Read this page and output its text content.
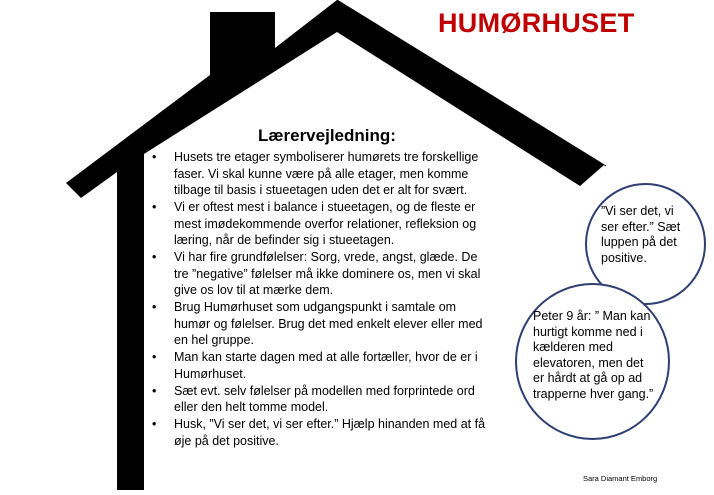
HUMØRHUSET
Lærervejledning:
• Husets tre etager symboliserer humørets tre forskellige faser. Vi skal kunne være på alle etager, men komme tilbage til basis i stueetagen uden det er alt for svært.
• Vi er oftest mest i balance i stueetagen, og de fleste er mest imødekommende overfor relationer, refleksion og læring, når de befinder sig i stueetagen.
• Vi har fire grundfølelser: Sorg, vrede, angst, glæde. De tre ”negative” følelser må ikke dominere os, men vi skal give os lov til at mærke dem.
• Brug Humørhuset som udgangspunkt i samtale om humør og følelser. Brug det med enkelt elever eller med en hel gruppe.
• Man kan starte dagen med at alle fortæller, hvor de er i Humørhuset.
• Sæt evt. selv følelser på modellen med forprintede ord eller den helt tomme model.
• Husk, ”Vi ser det, vi ser efter.” Hjælp hinanden med at få øje på det positive.
”Vi ser det, vi ser efter.” Sæt luppen på det positive.
Peter 9 år: ” Man kan hurtigt komme ned i kælderen med elevatoren, men det er hårdt at gå op ad trapperne hver gang.”
Sara Diamant Emborg
